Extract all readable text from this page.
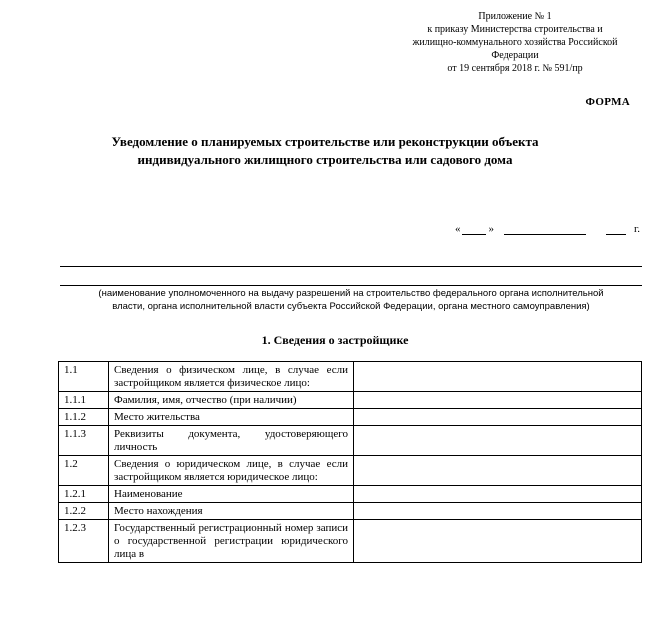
Приложение № 1
к приказу Министерства строительства и
жилищно-коммунального хозяйства Российской
Федерации
от 19 сентября 2018 г. № 591/пр
ФОРМА
Уведомление о планируемых строительстве или реконструкции объекта
индивидуального жилищного строительства или садового дома
«	»	г.
(наименование уполномоченного на выдачу разрешений на строительство федерального органа исполнительной
власти, органа исполнительной власти субъекта Российской Федерации, органа местного самоуправления)
1. Сведения о застройщике
1.1	Сведения о физическом лице, в случае если застройщиком является физическое лицо:	
1.1.1	Фамилия, имя, отчество (при наличии)	
1.1.2	Место жительства	
1.1.3	Реквизиты документа, удостоверяющего личность	
1.2	Сведения о юридическом лице, в случае если застройщиком является юридическое лицо:	
1.2.1	Наименование	
1.2.2	Место нахождения	
1.2.3	Государственный регистрационный номер записи о государственной регистрации юридического лица в	
